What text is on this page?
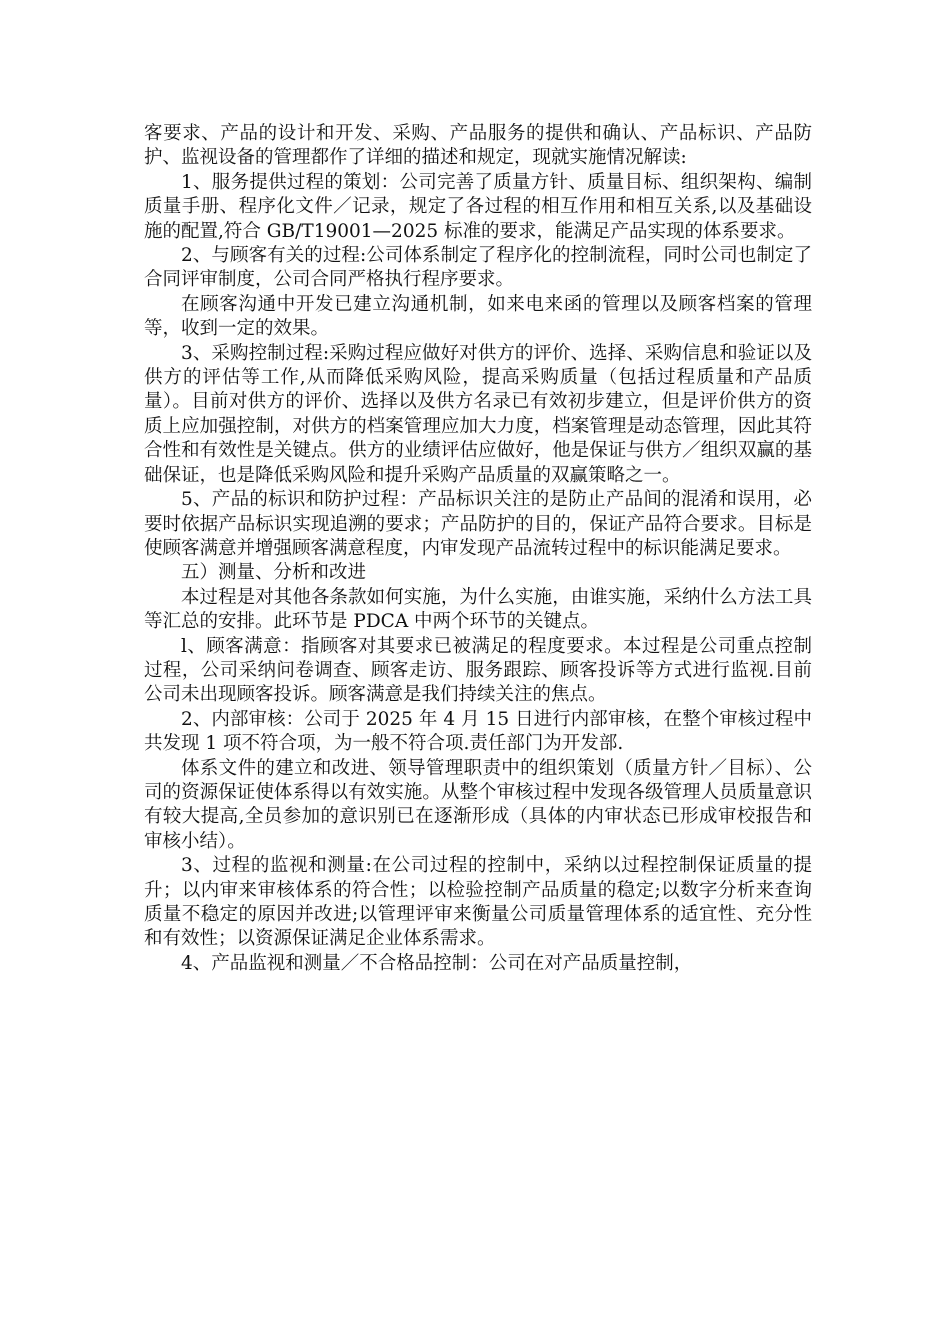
客要求、产品的设计和开发、采购、产品服务的提供和确认、产品标识、产品防护、监视设备的管理都作了详细的描述和规定，现就实施情况解读:

1、服务提供过程的策划：公司完善了质量方针、质量目标、组织架构、编制质量手册、程序化文件／记录，规定了各过程的相互作用和相互关系,以及基础设施的配置,符合 GB/T19001—2025 标准的要求，能满足产品实现的体系要求。

2、与顾客有关的过程:公司体系制定了程序化的控制流程，同时公司也制定了合同评审制度，公司合同严格执行程序要求。

在顾客沟通中开发已建立沟通机制，如来电来函的管理以及顾客档案的管理等，收到一定的效果。

3、采购控制过程:采购过程应做好对供方的评价、选择、采购信息和验证以及供方的评估等工作,从而降低采购风险，提高采购质量（包括过程质量和产品质量）。目前对供方的评价、选择以及供方名录已有效初步建立，但是评价供方的资质上应加强控制，对供方的档案管理应加大力度，档案管理是动态管理，因此其符合性和有效性是关键点。供方的业绩评估应做好，他是保证与供方／组织双赢的基础保证，也是降低采购风险和提升采购产品质量的双赢策略之一。

5、产品的标识和防护过程：产品标识关注的是防止产品间的混淆和误用，必要时依据产品标识实现追溯的要求；产品防护的目的，保证产品符合要求。目标是使顾客满意并增强顾客满意程度，内审发现产品流转过程中的标识能满足要求。

五）测量、分析和改进

本过程是对其他各条款如何实施，为什么实施，由谁实施，采纳什么方法工具等汇总的安排。此环节是 PDCA 中两个环节的关键点。

l、顾客满意：指顾客对其要求已被满足的程度要求。本过程是公司重点控制过程，公司采纳问卷调查、顾客走访、服务跟踪、顾客投诉等方式进行监视.目前公司未出现顾客投诉。顾客满意是我们持续关注的焦点。

2、内部审核：公司于 2025 年 4 月 15 日进行内部审核，在整个审核过程中共发现 1 项不符合项，为一般不符合项.责任部门为开发部.

体系文件的建立和改进、领导管理职责中的组织策划（质量方针／目标）、公司的资源保证使体系得以有效实施。从整个审核过程中发现各级管理人员质量意识有较大提高,全员参加的意识别已在逐渐形成（具体的内审状态已形成审校报告和审核小结）。

3、过程的监视和测量:在公司过程的控制中，采纳以过程控制保证质量的提升；以内审来审核体系的符合性；以检验控制产品质量的稳定;以数字分析来查询质量不稳定的原因并改进;以管理评审来衡量公司质量管理体系的适宜性、充分性和有效性；以资源保证满足企业体系需求。

4、产品监视和测量／不合格品控制：公司在对产品质量控制，
